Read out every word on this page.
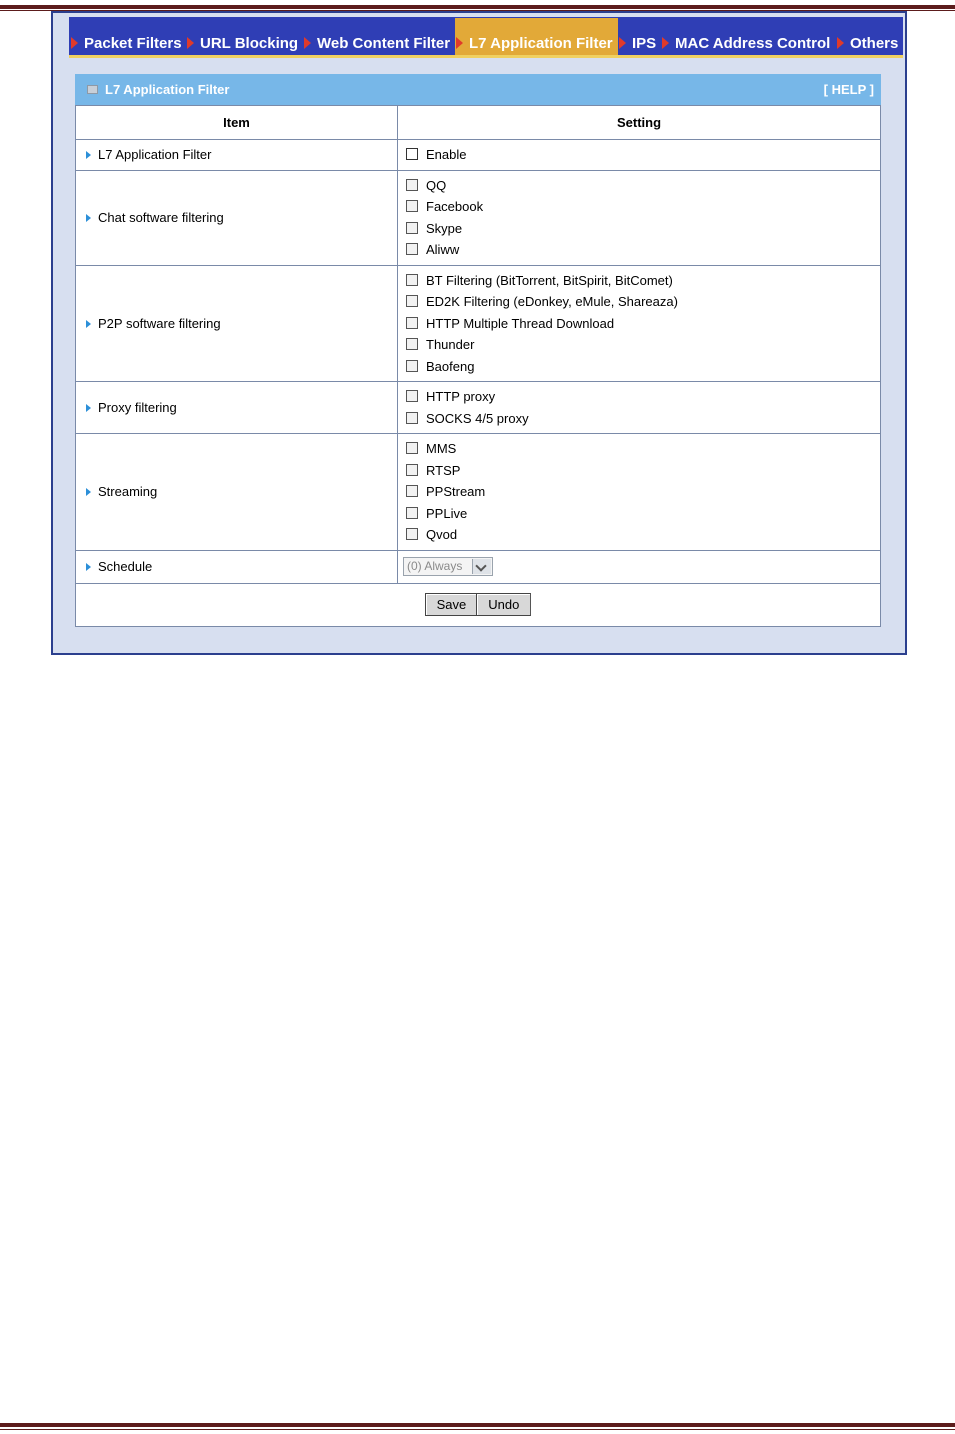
Packet Filters	URL Blocking	Web Content Filter	L7 Application Filter	IPS	MAC Address Control	Others
L7 Application Filter	[ HELP ]
Item	Setting

L7 Application Filter	Enable

Chat software filtering	QQ
Facebook
Skype
Aliww

P2P software filtering	BT Filtering (BitTorrent, BitSpirit, BitComet)
ED2K Filtering (eDonkey, eMule, Shareaza)
HTTP Multiple Thread Download
Thunder
Baofeng

Proxy filtering	HTTP proxy
SOCKS 4/5 proxy

Streaming	MMS
RTSP
PPStream
PPLive
Qvod

Schedule	(0) Always

Save Undo	
